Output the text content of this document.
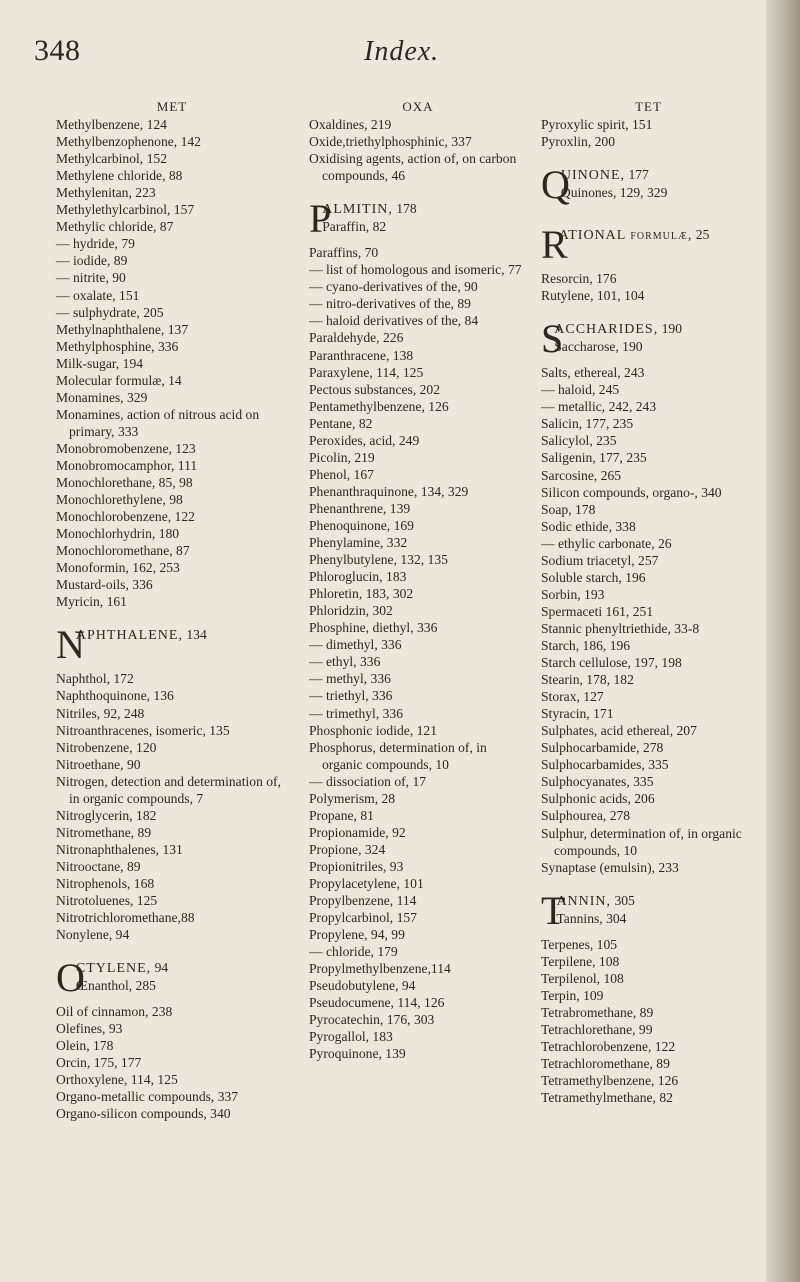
348	Index.
MET
Methylbenzene, 124
Methylbenzophenone, 142
Methylcarbinol, 152
Methylene chloride, 88
Methylenitan, 223
Methylethylcarbinol, 157
Methylic chloride, 87
— hydride, 79
— iodide, 89
— nitrite, 90
— oxalate, 151
— sulphydrate, 205
Methylnaphthalene, 137
Methylphosphine, 336
Milk-sugar, 194
Molecular formulæ, 14
Monamines, 329
Monamines, action of nitrous acid on primary, 333
Monobromobenzene, 123
Monobromocamphor, 111
Monochlorethane, 85, 98
Monochlorethylene, 98
Monochlorobenzene, 122
Monochlorhydrin, 180
Monochloromethane, 87
Monoformin, 162, 253
Mustard-oils, 336
Myricin, 161
N
APHTHALENE, 134
Naphthol, 172
Naphthoquinone, 136
Nitriles, 92, 248
Nitroanthracenes, isomeric, 135
Nitrobenzene, 120
Nitroethane, 90
Nitrogen, detection and determination of, in organic compounds, 7
Nitroglycerin, 182
Nitromethane, 89
Nitronaphthalenes, 131
Nitrooctane, 89
Nitrophenols, 168
Nitrotoluenes, 125
Nitrotrichloromethane,88
Nonylene, 94
O
CTYLENE, 94
Œnanthol, 285
Oil of cinnamon, 238
Olefines, 93
Olein, 178
Orcin, 175, 177
Orthoxylene, 114, 125
Organo-metallic compounds, 337
Organo-silicon compounds, 340
OXA
Oxaldines, 219
Oxide,triethylphosphinic, 337
Oxidising agents, action of, on carbon compounds, 46
P
ALMITIN, 178
Paraffin, 82
Paraffins, 70
— list of homologous and isomeric, 77
— cyano-derivatives of the, 90
— nitro-derivatives of the, 89
— haloid derivatives of the, 84
Paraldehyde, 226
Paranthracene, 138
Paraxylene, 114, 125
Pectous substances, 202
Pentamethylbenzene, 126
Pentane, 82
Peroxides, acid, 249
Picolin, 219
Phenol, 167
Phenanthraquinone, 134, 329
Phenanthrene, 139
Phenoquinone, 169
Phenylamine, 332
Phenylbutylene, 132, 135
Phloroglucin, 183
Phloretin, 183, 302
Phloridzin, 302
Phosphine, diethyl, 336
— dimethyl, 336
— ethyl, 336
— methyl, 336
— triethyl, 336
— trimethyl, 336
Phosphonic iodide, 121
Phosphorus, determination of, in organic compounds, 10
— dissociation of, 17
Polymerism, 28
Propane, 81
Propionamide, 92
Propione, 324
Propionitriles, 93
Propylacetylene, 101
Propylbenzene, 114
Propylcarbinol, 157
Propylene, 94, 99
— chloride, 179
Propylmethylbenzene,114
Pseudobutylene, 94
Pseudocumene, 114, 126
Pyrocatechin, 176, 303
Pyrogallol, 183
Pyroquinone, 139
TET
Pyroxylic spirit, 151
Pyroxlin, 200
Q
UINONE, 177
Quinones, 129, 329
R
ATIONAL formulæ, 25
Resorcin, 176
Rutylene, 101, 104
S
ACCHARIDES, 190
Saccharose, 190
Salts, ethereal, 243
— haloid, 245
— metallic, 242, 243
Salicin, 177, 235
Salicylol, 235
Saligenin, 177, 235
Sarcosine, 265
Silicon compounds, organo-, 340
Soap, 178
Sodic ethide, 338
— ethylic carbonate, 26
Sodium triacetyl, 257
Soluble starch, 196
Sorbin, 193
Spermaceti 161, 251
Stannic phenyltriethide, 33-8
Starch, 186, 196
Starch cellulose, 197, 198
Stearin, 178, 182
Storax, 127
Styracin, 171
Sulphates, acid ethereal, 207
Sulphocarbamide, 278
Sulphocarbamides, 335
Sulphocyanates, 335
Sulphonic acids, 206
Sulphourea, 278
Sulphur, determination of, in organic compounds, 10
Synaptase (emulsin), 233
T
ANNIN, 305
Tannins, 304
Terpenes, 105
Terpilene, 108
Terpilenol, 108
Terpin, 109
Tetrabromethane, 89
Tetrachlorethane, 99
Tetrachlorobenzene, 122
Tetrachloromethane, 89
Tetramethylbenzene, 126
Tetramethylmethane, 82
